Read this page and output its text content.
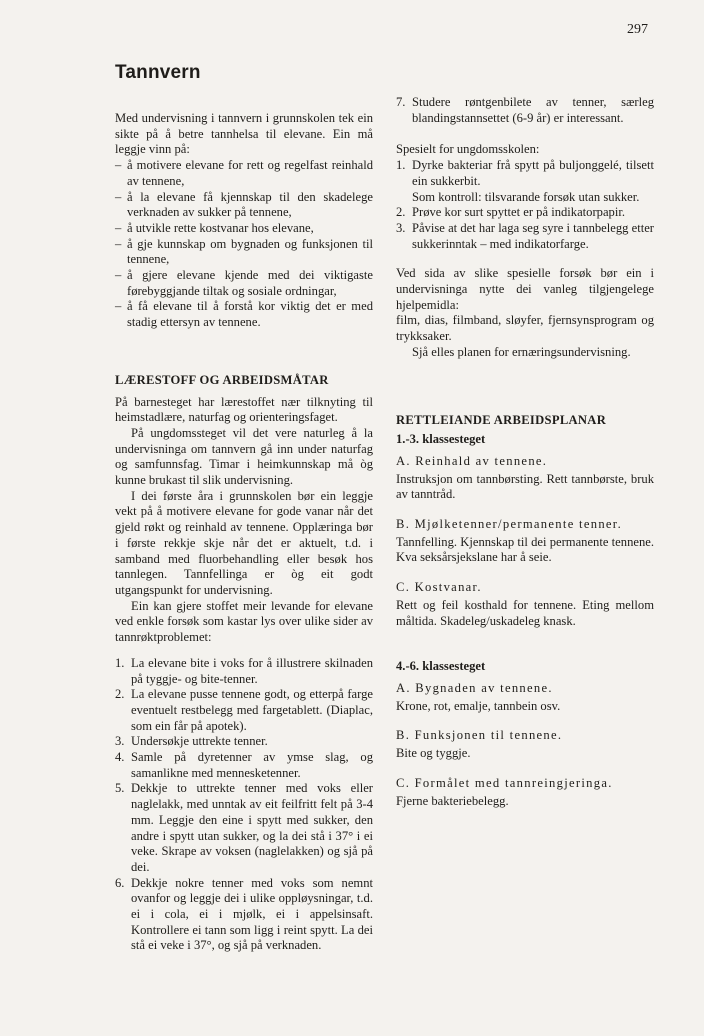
297
Tannvern

Med undervisning i tannvern i grunnskolen tek ein sikte på å betre tannhelsa til elevane. Ein må leggje vinn på:

– å motivere elevane for rett og regelfast reinhald av tennene,
– å la elevane få kjennskap til den skadelege verknaden av sukker på tennene,
– å utvikle rette kostvanar hos elevane,
– å gje kunnskap om bygnaden og funksjonen til tennene,
– å gjere elevane kjende med dei viktigaste førebyggjande tiltak og sosiale ordningar,
– å få elevane til å forstå kor viktig det er med stadig ettersyn av tennene.
LÆRESTOFF OG ARBEIDSMÅTAR

På barnesteget har lærestoffet nær tilknyting til heimstadlære, naturfag og orienteringsfaget.

På ungdomssteget vil det vere naturleg å la undervisninga om tannvern gå inn under naturfag og samfunnsfag. Timar i heimkunnskap må òg kunne brukast til slik undervisning.

I dei første åra i grunnskolen bør ein leggje vekt på å motivere elevane for gode vanar når det gjeld røkt og reinhald av tennene. Opplæringa bør i første rekkje skje når det er aktuelt, t.d. i samband med fluorbehandling eller besøk hos tannlegen. Tannfellinga er òg eit godt utgangspunkt for undervisning.

Ein kan gjere stoffet meir levande for elevane ved enkle forsøk som kastar lys over ulike sider av tannrøktproblemet:

1. La elevane bite i voks for å illustrere skilnaden på tyggje- og bite-tenner.
2. La elevane pusse tennene godt, og etterpå farge eventuelt restbelegg med fargetablett. (Diaplac, som ein får på apotek).
3. Undersøkje uttrekte tenner.
4. Samle på dyretenner av ymse slag, og samanlikne med mennesketenner.
5. Dekkje to uttrekte tenner med voks eller naglelakk, med unntak av eit feilfritt felt på 3-4 mm. Leggje den eine i spytt med sukker, den andre i spytt utan sukker, og la dei stå i 37° i ei veke. Skrape av voksen (naglelakken) og sjå på dei.
6. Dekkje nokre tenner med voks som nemnt ovanfor og leggje dei i ulike oppløysningar, t.d. ei i cola, ei i mjølk, ei i appelsinsaft. Kontrollere ei tann som ligg i reint spytt. La dei stå ei veke i 37°, og sjå på verknaden.
7. Studere røntgenbilete av tenner, særleg blandingstannsettet (6-9 år) er interessant.

Spesielt for ungdomsskolen:

1. Dyrke bakteriar frå spytt på buljonggelé, tilsett ein sukkerbit.
Som kontroll: tilsvarande forsøk utan sukker.
2. Prøve kor surt spyttet er på indikatorpapir.
3. Påvise at det har laga seg syre i tannbelegg etter sukkerinntak – med indikatorfarge.

Ved sida av slike spesielle forsøk bør ein i undervisninga nytte dei vanleg tilgjengelege hjelpemidla:

film, dias, filmband, sløyfer, fjernsynsprogram og trykksaker.

Sjå elles planen for ernæringsundervisning.

RETTLEIANDE ARBEIDSPLANAR

1.-3. klassesteget

A. Reinhald av tennene.

Instruksjon om tannbørsting. Rett tannbørste, bruk av tanntråd.

B. Mjølketenner/permanente tenner.

Tannfelling. Kjennskap til dei permanente tennene. Kva seksårsjekslane har å seie.

C. Kostvanar.

Rett og feil kosthald for tennene. Eting mellom måltida. Skadeleg/uskadeleg knask.

4.-6. klassesteget

A. Bygnaden av tennene.

Krone, rot, emalje, tannbein osv.

B. Funksjonen til tennene.

Bite og tyggje.

C. Formålet med tannreingjeringa.

Fjerne bakteriebelegg.
